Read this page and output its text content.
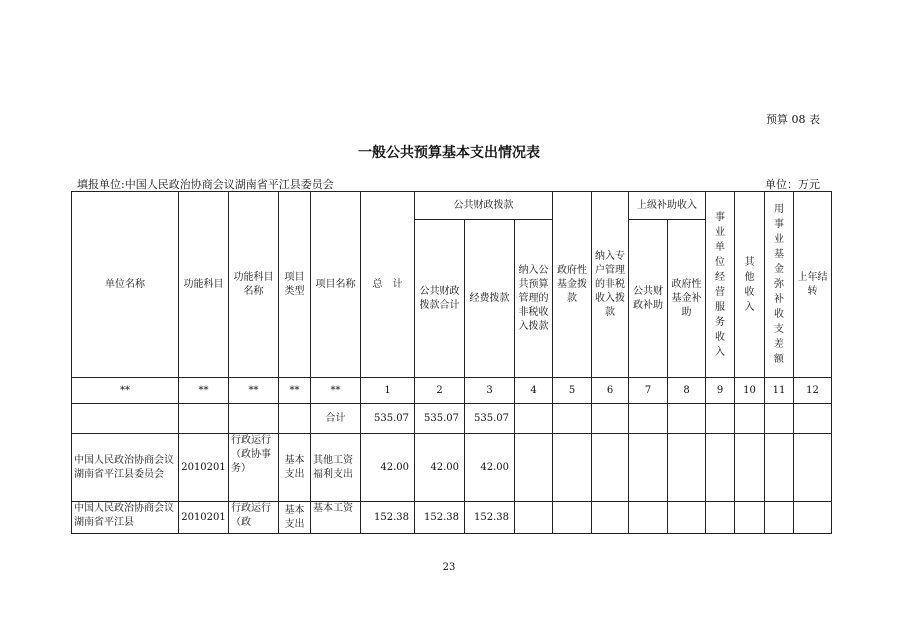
预算 08 表
一般公共预算基本支出情况表
填报单位:中国人民政治协商会议湖南省平江县委员会	单位：万元
单位名称	功能科目	功能科目名称	项目类型	项目名称	总　计	公共财政拨款			政府性基金拨款	纳入专户管理的非税收入拨款	上级补助收入		事业单位经营服务收入	其他收入	用事业基金弥补收支差额	上年结转
						公共财政拨款合计	经费拨款	纳入公共预算管理的非税收入拨款			公共财政补助	政府性基金补助				

**	**	**	**	**	1	2	3	4	5	6	7	8	9	10	11	12
				合计	535.07	535.07	535.07									
中国人民政治协商会议湖南省平江县委员会	2010201	行政运行（政协事务）	基本支出	其他工资福利支出	42.00	42.00	42.00									
中国人民政治协商会议湖南省平江县	2010201	行政运行（政	基本支出	基本工资	152.38	152.38	152.38									
23
